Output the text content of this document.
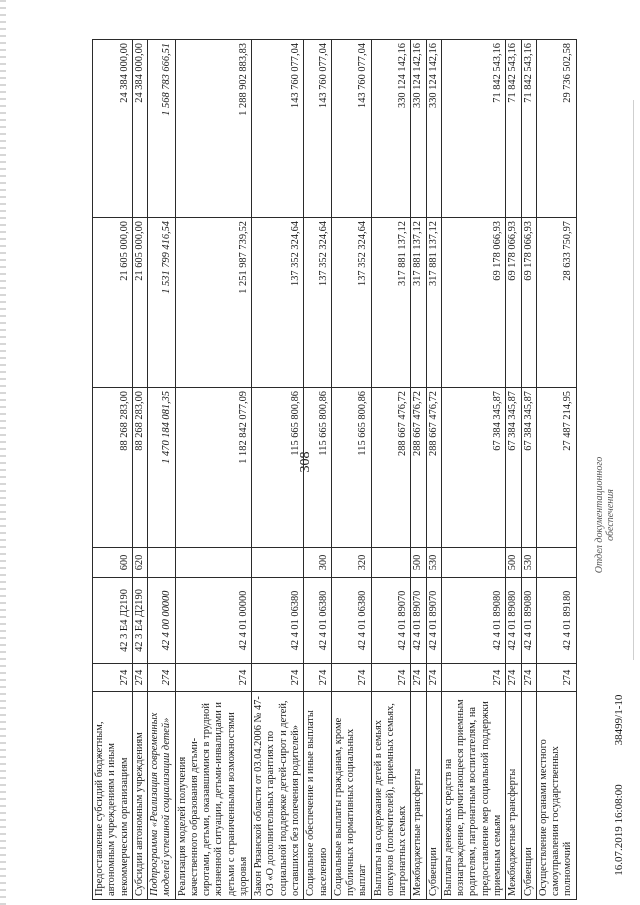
308
Предоставление субсидий бюджетным, автономным учреждениям и иным некоммерческим организациям	274	42 3 E4 Д2190	600	88 268 283,00	21 605 000,00	24 384 000,00
Субсидии автономным учреждениям	274	42 3 E4 Д2190	620	88 268 283,00	21 605 000,00	24 384 000,00
Подпрограмма «Реализация современных моделей успешной социализации детей»	274	42 4 00 00000		1 470 184 081,35	1 531 799 416,54	1 568 783 666,51
Реализация моделей получения качественного образования детьми-сиротами, детьми, оказавшимися в трудной жизненной ситуации, детьми-инвалидами и детьми с ограниченными возможностями здоровья	274	42 4 01 00000		1 182 842 077,09	1 251 987 739,52	1 288 902 883,83
Закон Рязанской области от 03.04.2006 № 47-ОЗ «О дополнительных гарантиях по социальной поддержке детей-сирот и детей, оставшихся без попечения родителей»	274	42 4 01 06380		115 665 800,86	137 352 324,64	143 760 077,04
Социальное обеспечение и иные выплаты населению	274	42 4 01 06380	300	115 665 800,86	137 352 324,64	143 760 077,04
Социальные выплаты гражданам, кроме публичных нормативных социальных выплат	274	42 4 01 06380	320	115 665 800,86	137 352 324,64	143 760 077,04
Выплаты на содержание детей в семьях опекунов (попечителей), приемных семьях, патронатных семьях	274	42 4 01 89070		288 667 476,72	317 881 137,12	330 124 142,16
Межбюджетные трансферты	274	42 4 01 89070	500	288 667 476,72	317 881 137,12	330 124 142,16
Субвенции	274	42 4 01 89070	530	288 667 476,72	317 881 137,12	330 124 142,16
Выплаты денежных средств на вознаграждение, причитающееся приемным родителям, патронатным воспитателям, на предоставление мер социальной поддержки приемным семьям	274	42 4 01 89080		67 384 345,87	69 178 066,93	71 842 543,16
Межбюджетные трансферты	274	42 4 01 89080	500	67 384 345,87	69 178 066,93	71 842 543,16
Субвенции	274	42 4 01 89080	530	67 384 345,87	69 178 066,93	71 842 543,16
Осуществление органами местного самоуправления государственных полномочий	274	42 4 01 89180		27 487 214,95	28 633 750,97	29 736 502,58
Отдел документационного обеспечения
16.07.2019 16:08:00
38499/1-10
